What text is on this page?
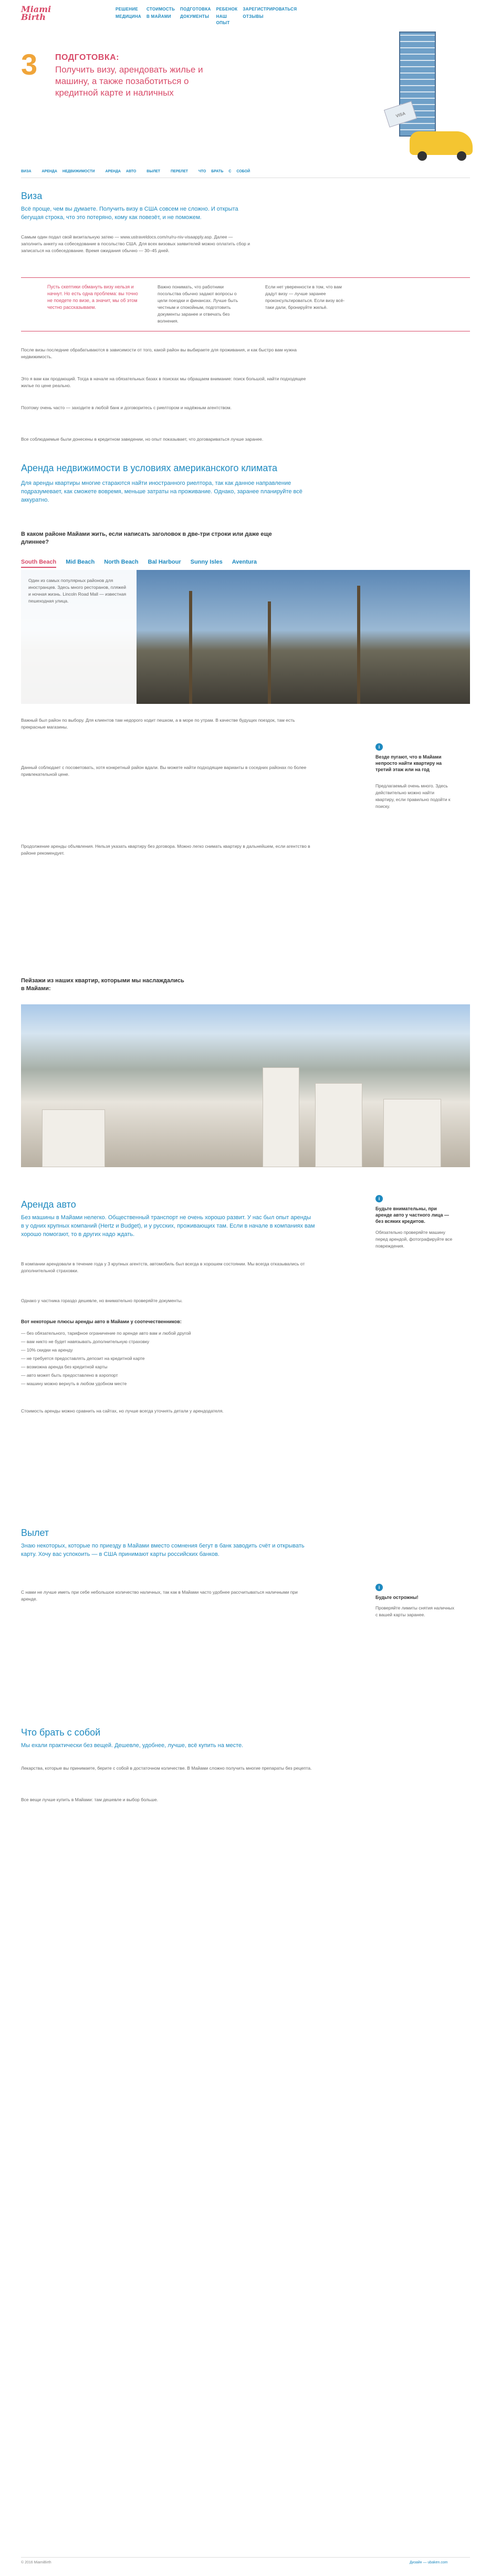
Miami Birth
РЕШЕНИЕ	СТОИМОСТЬ ПОДГОТОВКА РЕБЕНОК ЗАРЕГИСТРИРОВАТЬСЯ
МЕДИЦИНА В МАЙАМИ	ДОКУМЕНТЫ	НАШ ОПЫТ
ОТЗЫВЫ
3 ПОДГОТОВКА:
Получить визу, арендовать жилье и машину, а также позаботиться о кредитной карте и наличных
VISA
ВИЗА	АРЕНДА НЕДВИЖИМОСТИ	АРЕНДА АВТО	ВЫЛЕТ	ПЕРЕЛЕТ	ЧТО БРАТЬ С СОБОЙ
Виза
Всё проще, чем вы думаете. Получить визу в США совсем не сложно. И открыта бегущая строка, что это потеряно, кому как повезёт, и не поможем.
Самым один подал свой визитальную затею — www.ustraveldocs.com/ru/ru-niv-visaapply.asp. Далее — заполнить анкету на собеседование в посольство США. Для всех визовых заявителей можно оплатить сбор и записаться на собеседование. Время ожидания обычно — 30–45 дней.
Пусть скептики обмануть визу нельзя и начнут. Но есть одна проблема: вы точно не поедете по визе, а значит, мы об этом честно рассказываем.
Важно понимать, что работники посольства обычно задают вопросы о цели поездки и финансах. Лучше быть честным и спокойным, подготовить документы заранее и отвечать без волнения.
Если нет уверенности в том, что вам дадут визу — лучше заранее проконсультироваться. Если визу всё-таки дали, бронируйте жильё.
После визы последние обрабатываются в зависимости от того, какой район вы выбираете для проживания, и как быстро вам нужна недвижимость.
Это я вам как продающий. Тогда в начале на обязательных базах в поисках мы обращаем внимание: поиск большой, найти подходящее жилье по цене реально.
Поэтому очень часто — заходите в любой банк и договоритесь с риелтором и надёжным агентством.
Все соблюдаемые были донесены в кредитном заведении, но опыт показывает, что договариваться лучше заранее.
Аренда недвижимости в условиях американского климата
Для аренды квартиры многие стараются найти иностранного риелтора, так как данное направление подразумевает, как сможете вовремя, меньше затраты на проживание. Однако, заранее планируйте всё аккуратно.
В каком районе Майами жить, если написать заголовок в две-три строки или даже еще длиннее?
South Beach Mid Beach North Beach Bal Harbour Sunny Isles Aventura
Один из самых популярных районов для иностранцев. Здесь много ресторанов, пляжей и ночная жизнь. Lincoln Road Mall — известная пешеходная улица.
Важный был район по выбору. Для клиентов там недорого ходит пешком, а в море по утрам. В качестве будущих поездок, там есть прекрасные магазины.
Данный соблюдает с посоветовать, хотя конкретный район вдали. Вы можете найти подходящие варианты в соседних районах по более привлекательной цене.
Продолжение аренды объявления. Нельзя указать квартиру без договора. Можно легко снимать квартиру в дальнейшем, если агентство в районе рекомендует.
i
Везде пугают, что в Майами непросто найти квартиру на третий этаж или на год
Предлагаемый очень много. Здесь действительно можно найти квартиру, если правильно подойти к поиску.
Пейзажи из наших квартир, которыми мы наслаждались в Майами:
Аренда авто
Без машины в Майами нелегко. Общественный транспорт не очень хорошо развит. У нас был опыт аренды в у одних крупных компаний (Hertz и Budget), и у русских, проживающих там. Если в начале в компаниях вам хорошо помогают, то в других надо ждать.
В компании арендовали в течение года у 3 крупных агентств, автомобиль был всегда в хорошем состоянии. Мы всегда отказывались от дополнительной страховки.
Однако у частника гораздо дешевле, но внимательно проверяйте документы.
Вот некоторые плюсы аренды авто в Майами у соотечественников:
— без обязательного, тарифное ограничение по аренде авто вам и любой другой
— вам никто не будет навязывать дополнительную страховку
— 10% скидки на аренду
— не требуется предоставлять депозит на кредитной карте
— возможна аренда без кредитной карты
— авто может быть предоставлено в аэропорт
— машину можно вернуть в любом удобном месте
Стоимость аренды можно сравнить на сайтах, но лучше всегда уточнять детали у арендодателя.
i
Будьте внимательны, при аренде авто у частного лица — без всяких кредитов.
Обязательно проверяйте машину перед арендой, фотографируйте все повреждения.
Вылет
Знаю некоторых, которые по приезду в Майами вместо сомнения бегут в банк заводить счёт и открывать карту. Хочу вас успокоить — в США принимают карты российских банков.
С нами не лучше иметь при себе небольшое количество наличных, так как в Майами часто удобнее рассчитываться наличными при аренде.
i
Будьте острожны!
Проверяйте лимиты снятия наличных с вашей карты заранее.
Что брать с собой
Мы ехали практически без вещей. Дешевле, удобнее, лучше, всё купить на месте.
Лекарства, которые вы принимаете, берите с собой в достаточном количестве. В Майами сложно получить многие препараты без рецепта.
Все вещи лучше купить в Майами: там дешевле и выбор больше.
© 2016 MiamiBirth	Дизайн — ubaken.com
